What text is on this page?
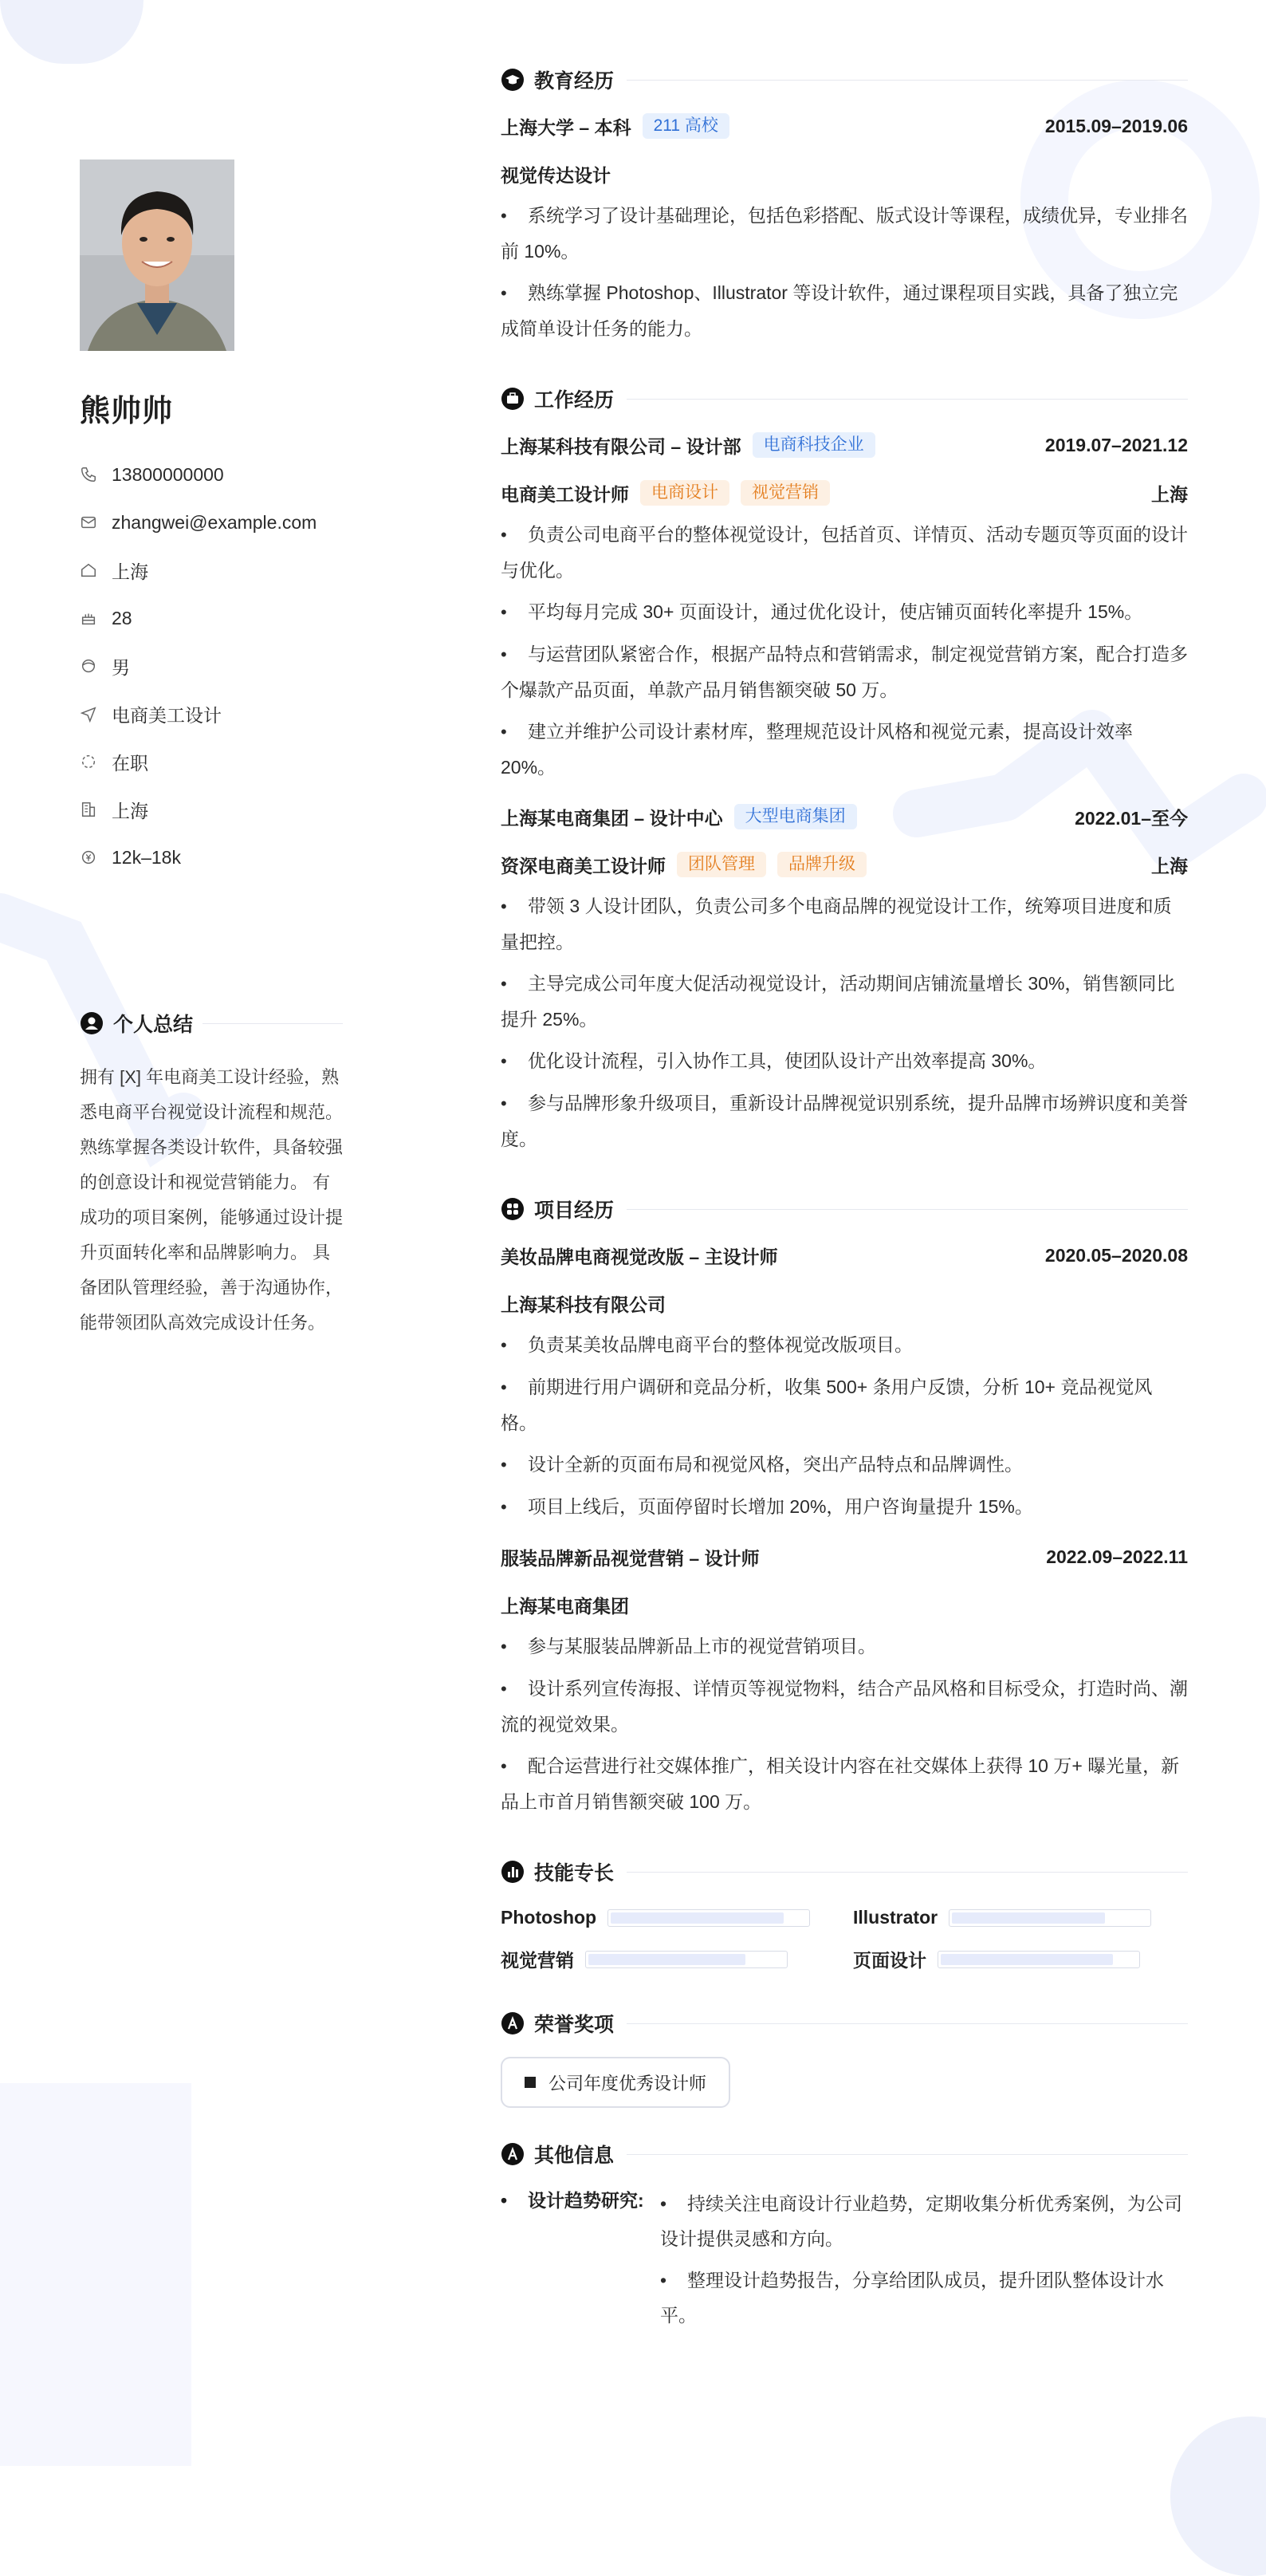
熊帅帅
13800000000
zhangwei@example.com
上海
28
男
电商美工设计
在职
上海
12k–18k
个人总结
拥有 [X] 年电商美工设计经验，熟悉电商平台视觉设计流程和规范。 熟练掌握各类设计软件，具备较强的创意设计和视觉营销能力。 有成功的项目案例，能够通过设计提升页面转化率和品牌影响力。 具备团队管理经验，善于沟通协作，能带领团队高效完成设计任务。
教育经历
上海大学 – 本科	211 高校	2015.09–2019.06
视觉传达设计
• 系统学习了设计基础理论，包括色彩搭配、版式设计等课程，成绩优异，专业排名前 10%。
• 熟练掌握 Photoshop、Illustrator 等设计软件，通过课程项目实践，具备了独立完成简单设计任务的能力。
工作经历
上海某科技有限公司 – 设计部	电商科技企业	2019.07–2021.12
电商美工设计师	电商设计	视觉营销	上海
• 负责公司电商平台的整体视觉设计，包括首页、详情页、活动专题页等页面的设计与优化。
• 平均每月完成 30+ 页面设计，通过优化设计，使店铺页面转化率提升 15%。
• 与运营团队紧密合作，根据产品特点和营销需求，制定视觉营销方案，配合打造多个爆款产品页面，单款产品月销售额突破 50 万。
• 建立并维护公司设计素材库，整理规范设计风格和视觉元素，提高设计效率 20%。
上海某电商集团 – 设计中心	大型电商集团	2022.01–至今
资深电商美工设计师	团队管理	品牌升级	上海
• 带领 3 人设计团队，负责公司多个电商品牌的视觉设计工作，统筹项目进度和质量把控。
• 主导完成公司年度大促活动视觉设计，活动期间店铺流量增长 30%，销售额同比提升 25%。
• 优化设计流程，引入协作工具，使团队设计产出效率提高 30%。
• 参与品牌形象升级项目，重新设计品牌视觉识别系统，提升品牌市场辨识度和美誉度。
项目经历
美妆品牌电商视觉改版 – 主设计师	2020.05–2020.08
上海某科技有限公司
• 负责某美妆品牌电商平台的整体视觉改版项目。
• 前期进行用户调研和竞品分析，收集 500+ 条用户反馈，分析 10+ 竞品视觉风格。
• 设计全新的页面布局和视觉风格，突出产品特点和品牌调性。
• 项目上线后，页面停留时长增加 20%，用户咨询量提升 15%。
服装品牌新品视觉营销 – 设计师	2022.09–2022.11
上海某电商集团
• 参与某服装品牌新品上市的视觉营销项目。
• 设计系列宣传海报、详情页等视觉物料，结合产品风格和目标受众，打造时尚、潮流的视觉效果。
• 配合运营进行社交媒体推广，相关设计内容在社交媒体上获得 10 万+ 曝光量，新品上市首月销售额突破 100 万。
技能专长
Photoshop	Illustrator
视觉营销	页面设计
荣誉奖项
公司年度优秀设计师
其他信息
• 设计趋势研究:
•	持续关注电商设计行业趋势，定期收集分析优秀案例，为公司设计提供灵感和方向。
• 整理设计趋势报告，分享给团队成员，提升团队整体设计水平。
